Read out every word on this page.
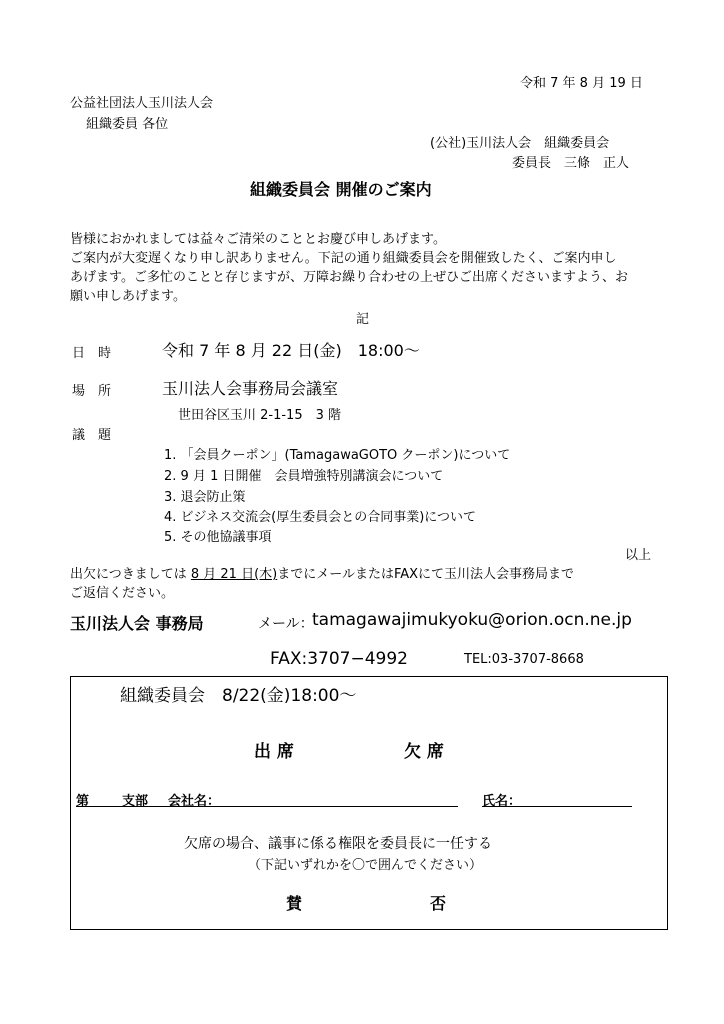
令和 7 年 8 月 19 日
公益社団法人玉川法人会
組織委員 各位
(公社)玉川法人会　組織委員会
委員長　三條　正人
組織委員会 開催のご案内
皆様におかれましては益々ご清栄のこととお慶び申しあげます。
ご案内が大変遅くなり申し訳ありません。下記の通り組織委員会を開催致したく、ご案内申し
あげます。ご多忙のことと存じますが、万障お繰り合わせの上ぜひご出席くださいますよう、お
願い申しあげます。
記
日　時	令和 7 年 8 月 22 日(金)　18:00〜
場　所	玉川法人会事務局会議室
世田谷区玉川 2-1-15　3 階
議　題
1. 「会員クーポン」(TamagawaGOTO クーポン)について
2. 9 月 1 日開催　会員増強特別講演会について
3. 退会防止策
4. ビジネス交流会(厚生委員会との合同事業)について
5. その他協議事項
以上
出欠につきましては 8 月 21 日(木)までにメールまたはFAXにて玉川法人会事務局まで
ご返信ください。
玉川法人会 事務局	メール：
tamagawajimukyoku@orion.ocn.ne.jp
FAX:3707−4992	TEL:03-3707-8668
組織委員会　8/22(金)18:00〜
出 席	欠 席
第	支部 会社名：	氏名：
欠席の場合、議事に係る権限を委員長に一任する
（下記いずれかを〇で囲んでください）
賛	否
